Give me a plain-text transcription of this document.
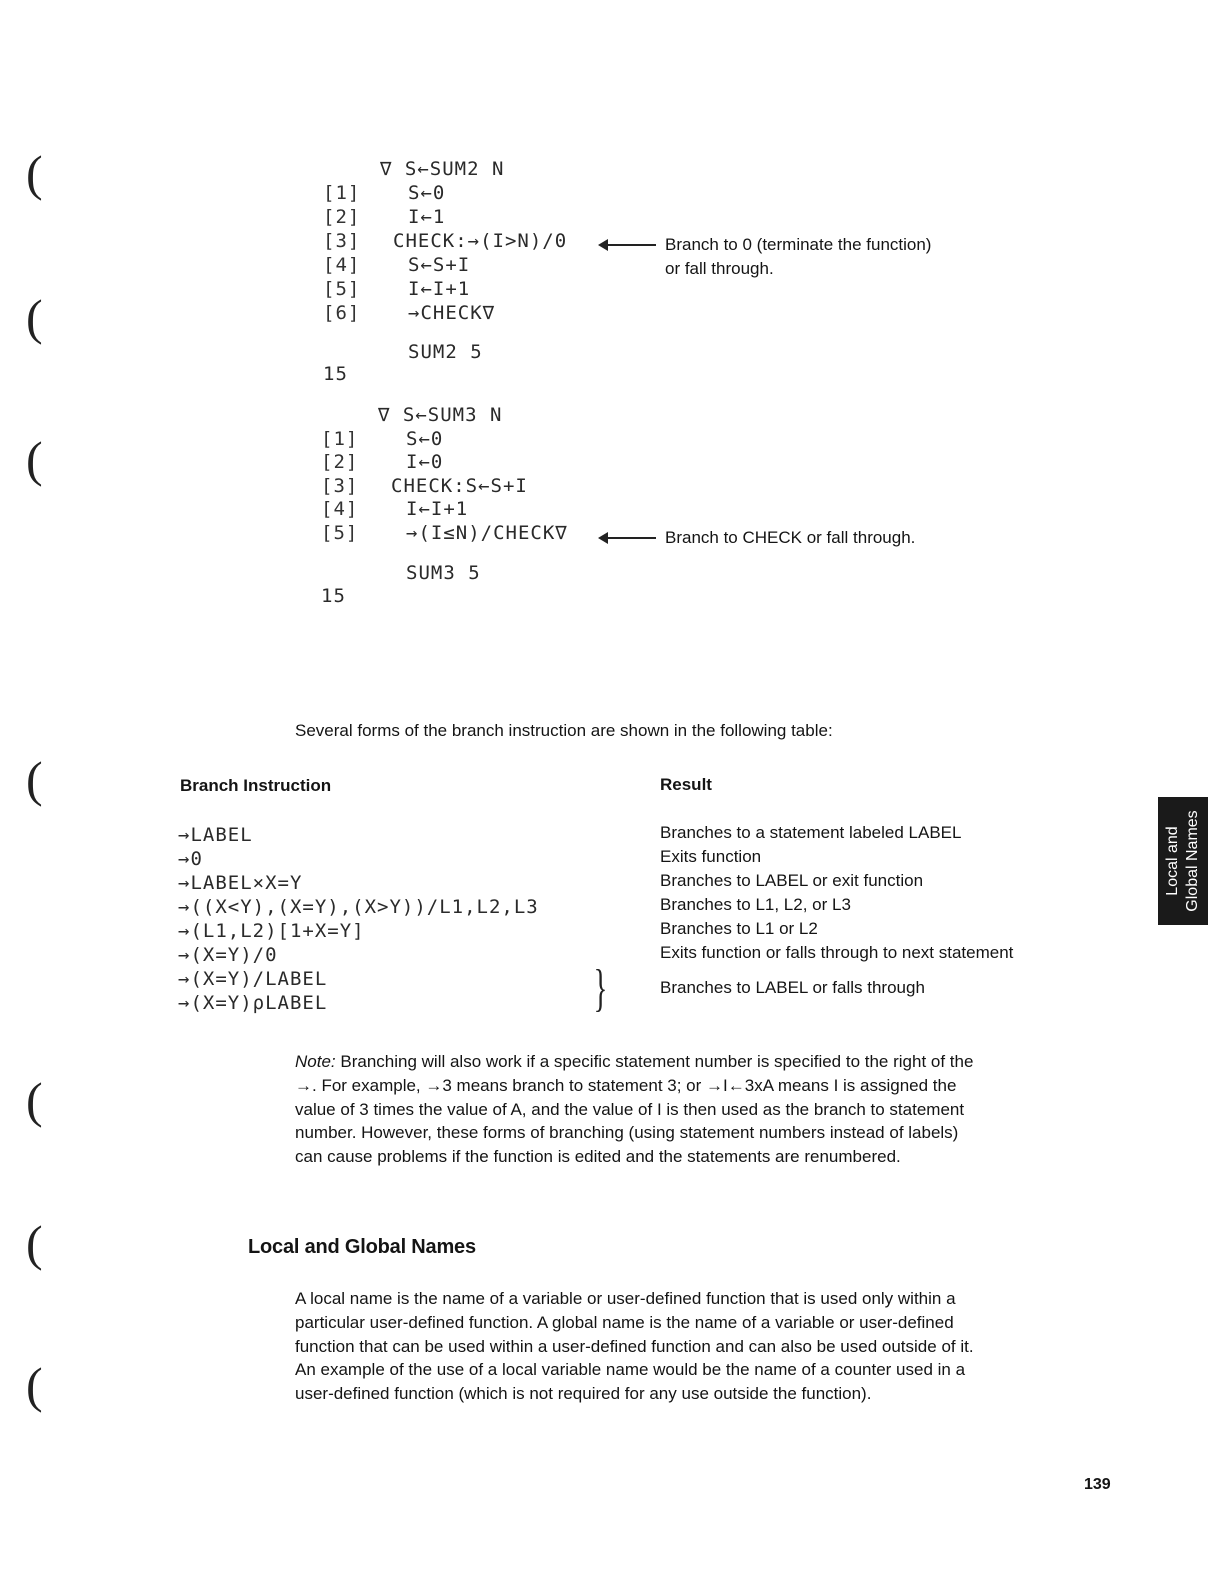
(
(
(
(
(
(
(
∇ S←SUM2 N
[1]	S←0
[2]	I←1
[3] CHECK:→(I>N)/0
[4]	S←S+I
[5]	I←I+1
[6]	→CHECK∇
SUM2 5
15
Branch to 0 (terminate the function)
or fall through.
∇ S←SUM3 N
[1]	S←0
[2]	I←0
[3] CHECK:S←S+I
[4]	I←I+1
[5]	→(I≤N)/CHECK∇
SUM3 5
15
Branch to CHECK or fall through.
Several forms of the branch instruction are shown in the following table:
Branch Instruction	Result
→LABEL	Branches to a statement labeled LABEL
→0	Exits function
→LABEL×X=Y	Branches to LABEL or exit function
→((X<Y),(X=Y),(X>Y))/L1,L2,L3	Branches to L1, L2, or L3
→(L1,L2)[1+X=Y]	Branches to L1 or L2
→(X=Y)/0	Exits function or falls through to next statement
→(X=Y)/LABEL
→(X=Y)⍴LABEL	}	Branches to LABEL or falls through
Note: Branching will also work if a specific statement number is specified to the right of the →. For example, →3 means branch to statement 3; or →I←3xA means I is assigned the value of 3 times the value of A, and the value of I is then used as the branch to statement number. However, these forms of branching (using statement numbers instead of labels) can cause problems if the function is edited and the statements are renumbered.
Local and Global Names
A local name is the name of a variable or user-defined function that is used only within a particular user-defined function. A global name is the name of a variable or user-defined function that can be used within a user-defined function and can also be used outside of it. An example of the use of a local variable name would be the name of a counter used in a user-defined function (which is not required for any use outside the function).
Local and Global Names
139
